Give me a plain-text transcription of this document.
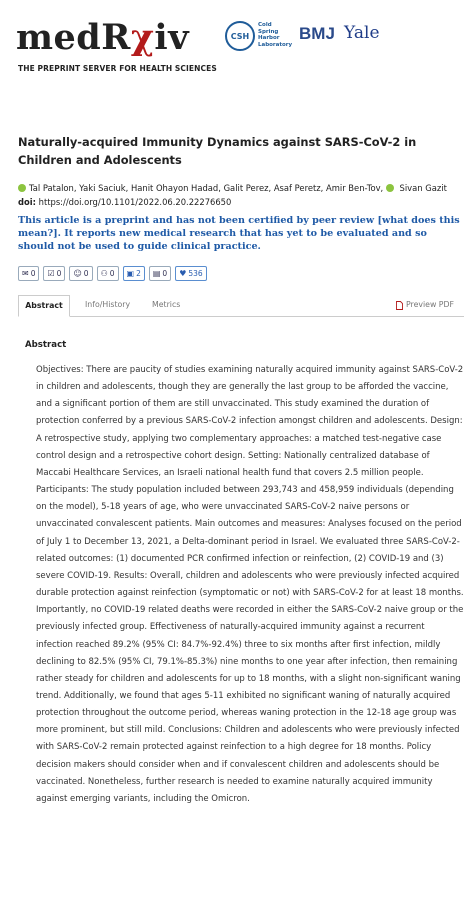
medRχiv
THE PREPRINT SERVER FOR HEALTH SCIENCES
CSH
Cold
Spring
Harbor
Laboratory
BMJ Yale
Naturally-acquired Immunity Dynamics against SARS-CoV-2 in Children and Adolescents
Tal Patalon, Yaki Saciuk, Hanit Ohayon Hadad, Galit Perez, Asaf Peretz, Amir Ben-Tov,  Sivan Gazit
doi: https://doi.org/10.1101/2022.06.20.22276650
This article is a preprint and has not been certified by peer review [what does this mean?]. It reports new medical research that has yet to be evaluated and so should not be used to guide clinical practice.
✉ 0 ☑ 0 ☺ 0 ⚇ 0 ▣ 2 ▤ 0 ♥ 536
Abstract	Info/History	Metrics	Preview PDF
Abstract
Objectives: There are paucity of studies examining naturally acquired immunity against SARS-CoV-2 in children and adolescents, though they are generally the last group to be afforded the vaccine, and a significant portion of them are still unvaccinated. This study examined the duration of protection conferred by a previous SARS-CoV-2 infection amongst children and adolescents. Design: A retrospective study, applying two complementary approaches: a matched test-negative case control design and a retrospective cohort design. Setting: Nationally centralized database of Maccabi Healthcare Services, an Israeli national health fund that covers 2.5 million people. Participants: The study population included between 293,743 and 458,959 individuals (depending on the model), 5-18 years of age, who were unvaccinated SARS-CoV-2 naive persons or unvaccinated convalescent patients. Main outcomes and measures: Analyses focused on the period of July 1 to December 13, 2021, a Delta-dominant period in Israel. We evaluated three SARS-CoV-2-related outcomes: (1) documented PCR confirmed infection or reinfection, (2) COVID-19 and (3) severe COVID-19. Results: Overall, children and adolescents who were previously infected acquired durable protection against reinfection (symptomatic or not) with SARS-CoV-2 for at least 18 months. Importantly, no COVID-19 related deaths were recorded in either the SARS-CoV-2 naive group or the previously infected group. Effectiveness of naturally-acquired immunity against a recurrent infection reached 89.2% (95% CI: 84.7%-92.4%) three to six months after first infection, mildly declining to 82.5% (95% CI, 79.1%-85.3%) nine months to one year after infection, then remaining rather steady for children and adolescents for up to 18 months, with a slight non-significant waning trend. Additionally, we found that ages 5-11 exhibited no significant waning of naturally acquired protection throughout the outcome period, whereas waning protection in the 12-18 age group was more prominent, but still mild. Conclusions: Children and adolescents who were previously infected with SARS-CoV-2 remain protected against reinfection to a high degree for 18 months. Policy decision makers should consider when and if convalescent children and adolescents should be vaccinated. Nonetheless, further research is needed to examine naturally acquired immunity against emerging variants, including the Omicron.
